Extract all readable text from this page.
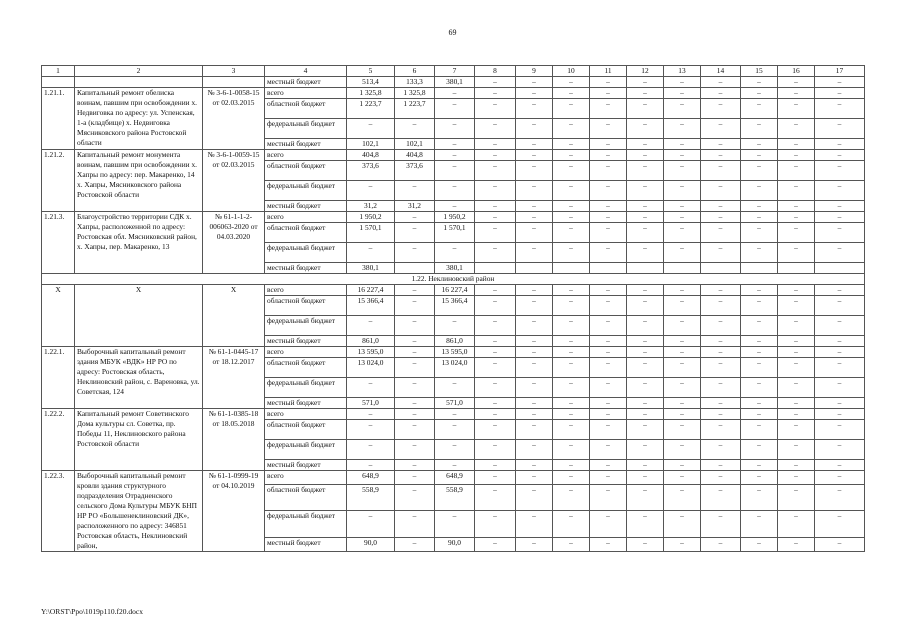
69
1	2	3	4	5	6	7	8	9	10	11	12	13	14	15	16	17
			местный бюджет	513,4	133,3	380,1	–	–	–	–	–	–	–	–	–	–
1.21.1.	Капитальный ремонт обелиска воинам, павшим при освобождении х. Недвиговка по адресу: ул. Успенская, 1-а (кладбище) х. Недвиговка Мясниковского района Ростовской области	№ 3-6-1-0058-15 от 02.03.2015	всего	1 325,8	1 325,8	–	–	–	–	–	–	–	–	–	–	–
			областной бюджет	1 223,7	1 223,7	–	–	–	–	–	–	–	–	–	–	–
			федеральный бюджет	–	–	–	–	–	–	–	–	–	–	–	–	–
			местный бюджет	102,1	102,1	–	–	–	–	–	–	–	–	–	–	–
1.21.2.	Капитальный ремонт монумента воинам, павшим при освобождении х. Хапры по адресу: пер. Макаренко, 14 х. Хапры, Мясниковского района Ростовской области	№ 3-6-1-0059-15 от 02.03.2015	всего	404,8	404,8	–	–	–	–	–	–	–	–	–	–	–
			областной бюджет	373,6	373,6	–	–	–	–	–	–	–	–	–	–	–
			федеральный бюджет	–	–	–	–	–	–	–	–	–	–	–	–	–
			местный бюджет	31,2	31,2	–	–	–	–	–	–	–	–	–	–	–
1.21.3.	Благоустройство территории СДК х. Хапры, расположенной по адресу: Ростовская обл. Мясниковский район, х. Хапры, пер. Макаренко, 13	№ 61-1-1-2-006063-2020 от 04.03.2020	всего	1 950,2	–	1 950,2	–	–	–	–	–	–	–	–	–	–
			областной бюджет	1 570,1	–	1 570,1	–	–	–	–	–	–	–	–	–	–
			федеральный бюджет	–	–	–	–	–	–	–	–	–	–	–	–	–
			местный бюджет	380,1		380,1										
1.22. Неклиновский район																
Х	Х	Х	всего	16 227,4	–	16 227,4	–	–	–	–	–	–	–	–	–	–
			областной бюджет	15 366,4	–	15 366,4	–	–	–	–	–	–	–	–	–	–
			федеральный бюджет	–	–	–	–	–	–	–	–	–	–	–	–	–
			местный бюджет	861,0	–	861,0	–	–	–	–	–	–	–	–	–	–
1.22.1.	Выборочный капитальный ремонт здания МБУК «ВДК» НР РО по адресу: Ростовская область, Неклиновский район, с. Вареновка, ул. Советская, 124	№ 61-1-0445-17 от 18.12.2017	всего	13 595,0	–	13 595,0	–	–	–	–	–	–	–	–	–	–
			областной бюджет	13 024,0	–	13 024,0	–	–	–	–	–	–	–	–	–	–
			федеральный бюджет	–	–	–	–	–	–	–	–	–	–	–	–	–
			местный бюджет	571,0	–	571,0	–	–	–	–	–	–	–	–	–	–
1.22.2.	Капитальный ремонт Советинского Дома культуры сл. Советка, пр. Победы 11, Неклиновского района Ростовской области	№ 61-1-0385-18 от 18.05.2018	всего	–	–	–	–	–	–	–	–	–	–	–	–	–
			областной бюджет	–	–	–	–	–	–	–	–	–	–	–	–	–
			федеральный бюджет	–	–	–	–	–	–	–	–	–	–	–	–	–
			местный бюджет	–	–	–	–	–	–	–	–	–	–	–	–	–
1.22.3.	Выборочный капитальный ремонт кровли здания структурного подразделения Отрадненского сельского Дома Культуры МБУК БНП НР РО «Большенеклиновский ДК», расположенного по адресу: 346851 Ростовская область, Неклиновский район,	№ 61-1-0999-19 от 04.10.2019	всего	648,9	–	648,9	–	–	–	–	–	–	–	–	–	–
			областной бюджет	558,9	–	558,9	–	–	–	–	–	–	–	–	–	–
			федеральный бюджет	–	–	–	–	–	–	–	–	–	–	–	–	–
			местный бюджет	90,0	–	90,0	–	–	–	–	–	–	–	–	–	–
Y:\ORST\Ppo\1019p110.f20.docx
